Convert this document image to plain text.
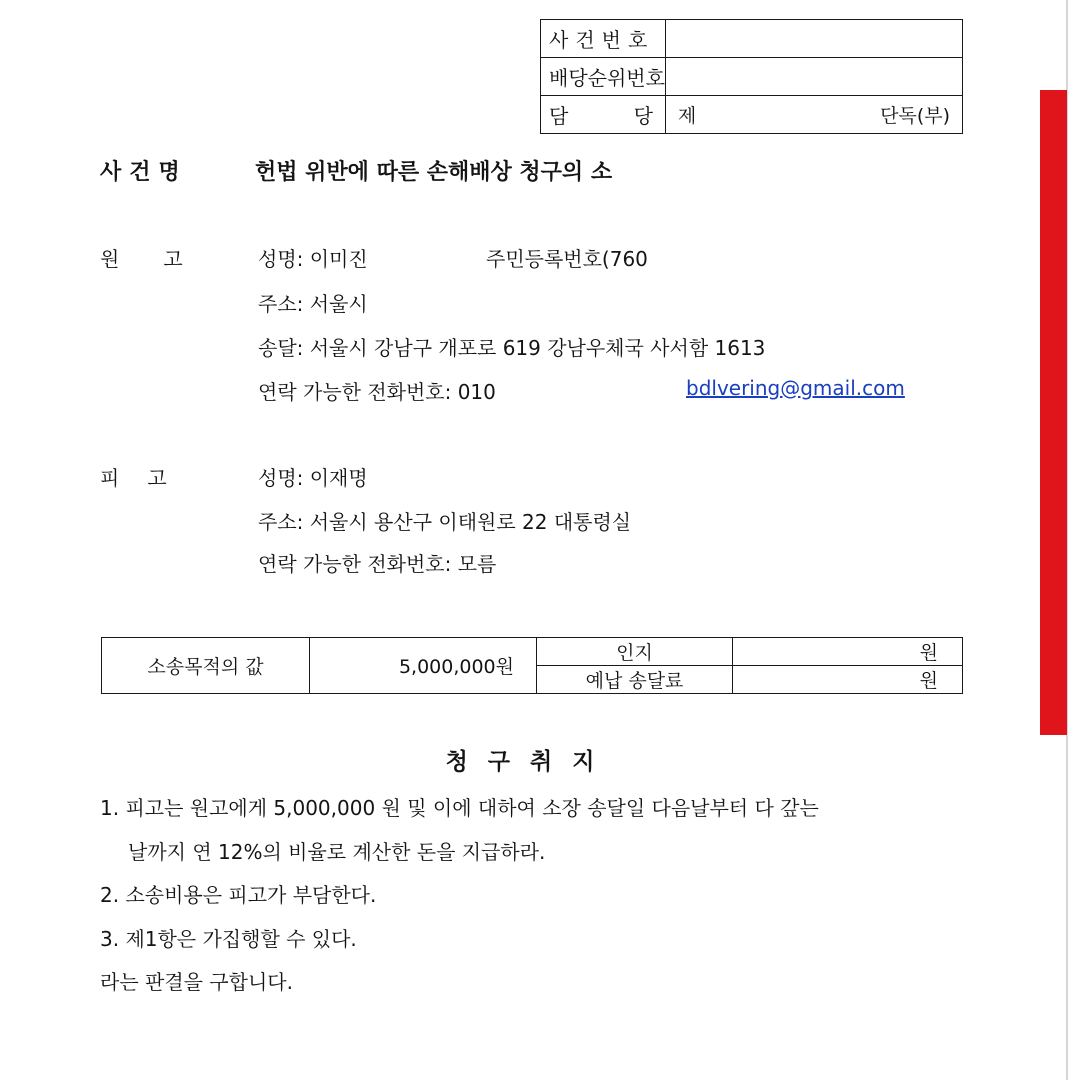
사건번호	
배당순위번호	

담 당	제 단독(부)
사건명	헌법 위반에 따른 손해배상 청구의 소
원 고	성명: 이미진	주민등록번호(760
주소: 서울시
송달: 서울시 강남구 개포로 619 강남우체국 사서함 1613
연락 가능한 전화번호: 010	bdlvering@gmail.com
피 고	성명: 이재명
주소: 서울시 용산구 이태원로 22 대통령실
연락 가능한 전화번호: 모름
소송목적의 값	5,000,000원	인지	원
		예납 송달료	원
청구취지
1. 피고는 원고에게 5,000,000 원 및 이에 대하여 소장 송달일 다음날부터 다 갚는
날까지 연 12%의 비율로 계산한 돈을 지급하라.
2. 소송비용은 피고가 부담한다.
3. 제1항은 가집행할 수 있다.
라는 판결을 구합니다.
